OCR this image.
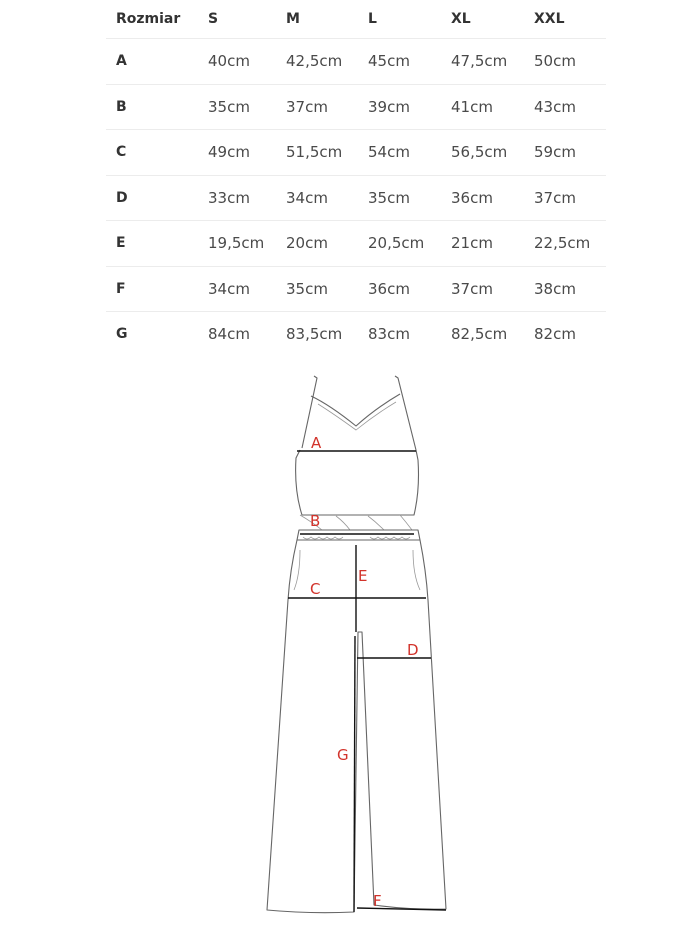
Rozmiar S	M	L	XL	XXL
A	40cm 42,5cm 45cm	47,5cm 50cm
B	35cm 37cm	39cm	41cm	43cm
C	49cm 51,5cm 54cm	56,5cm 59cm
D	33cm 34cm	35cm	36cm	37cm
E	19,5cm 20cm	20,5cm 21cm	22,5cm
F	34cm 35cm	36cm	37cm	38cm
G	84cm 83,5cm 83cm	82,5cm 82cm
A
B
C
E
D
G
F
